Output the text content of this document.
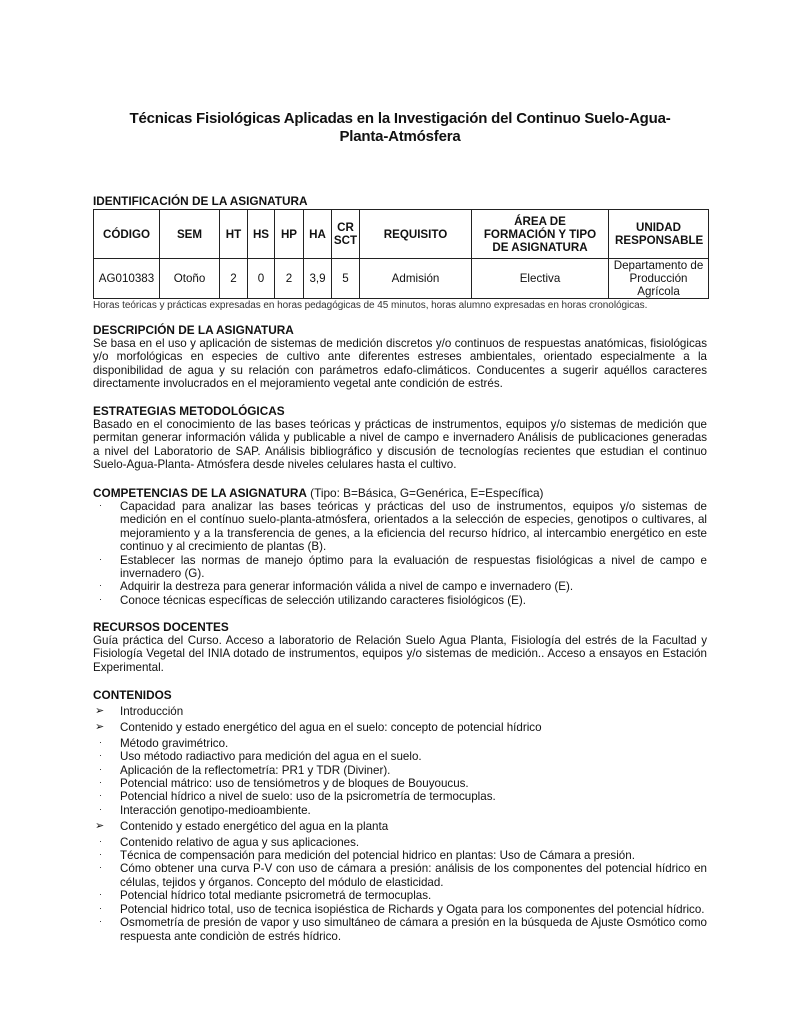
Técnicas Fisiológicas Aplicadas en la Investigación del Continuo Suelo-Agua-
Planta-Atmósfera
IDENTIFICACIÓN DE LA ASIGNATURA
CÓDIGO	SEM	HT	HS	HP	HA	CR SCT	REQUISITO	ÁREA DE FORMACIÓN Y TIPO DE ASIGNATURA	UNIDAD RESPONSABLE
AG010383	Otoño	2	0	2	3,9	5	Admisión	Electiva	Departamento de Producción Agrícola
Horas teóricas y prácticas expresadas en horas pedagógicas de 45 minutos, horas alumno expresadas en horas cronológicas.
DESCRIPCIÓN DE LA ASIGNATURA

Se basa en el uso y aplicación de sistemas de medición discretos y/o continuos de respuestas anatómicas, fisiológicas y/o morfológicas en especies de cultivo ante diferentes estreses ambientales, orientado especialmente a la disponibilidad de agua y su relación con parámetros edafo-climáticos. Conducentes a sugerir aquéllos caracteres directamente involucrados en el mejoramiento vegetal ante condición de estrés.

ESTRATEGIAS METODOLÓGICAS

Basado en el conocimiento de las bases teóricas y prácticas de instrumentos, equipos y/o sistemas de medición que permitan generar información válida y publicable a nivel de campo e invernadero Análisis de publicaciones generadas a nivel del Laboratorio de SAP. Análisis bibliográfico y discusión de tecnologías recientes que estudian el continuo Suelo-Agua-Planta- Atmósfera desde niveles celulares hasta el cultivo.

COMPETENCIAS DE LA ASIGNATURA (Tipo: B=Básica, G=Genérica, E=Específica)
·	Capacidad para analizar las bases teóricas y prácticas del uso de instrumentos, equipos y/o sistemas de medición en el contínuo suelo-planta-atmósfera, orientados a la selección de especies, genotipos o cultivares, al mejoramiento y a la transferencia de genes, a la eficiencia del recurso hídrico, al intercambio energético en este continuo y al crecimiento de plantas (B).
·	Establecer las normas de manejo óptimo para la evaluación de respuestas fisiológicas a nivel de campo e invernadero (G).
·	Adquirir la destreza para generar información válida a nivel de campo e invernadero (E).
·	Conoce técnicas específicas de selección utilizando caracteres fisiológicos (E).
RECURSOS DOCENTES

Guía práctica del Curso. Acceso a laboratorio de Relación Suelo Agua Planta, Fisiología del estrés de la Facultad y Fisiología Vegetal del INIA dotado de instrumentos, equipos y/o sistemas de medición.. Acceso a ensayos en Estación Experimental.

CONTENIDOS
➢ Introducción
➢ Contenido y estado energético del agua en el suelo: concepto de potencial hídrico
·	Método gravimétrico.
·	Uso método radiactivo para medición del agua en el suelo.
·	Aplicación de la reflectometría: PR1 y TDR (Diviner).
·	Potencial mátrico: uso de tensiómetros y de bloques de Bouyoucus.
·	Potencial hídrico a nivel de suelo: uso de la psicrometría de termocuplas.
·	Interacción genotipo-medioambiente.
➢ Contenido y estado energético del agua en la planta
·	Contenido relativo de agua y sus aplicaciones.
·	Técnica de compensación para medición del potencial hidrico en plantas: Uso de Cámara a presión.
·	Cómo obtener una curva P-V con uso de cámara a presión: análisis de los componentes del potencial hídrico en células, tejidos y órganos. Concepto del módulo de elasticidad.
·	Potencial hídrico total mediante psicrometrá de termocuplas.
·	Potencial hidrico total, uso de tecnica isopiéstica de Richards y Ogata para los componentes del potencial hídrico.
·	Osmometría de presión de vapor y uso simultáneo de cámara a presión en la búsqueda de Ajuste Osmótico como respuesta ante condiciòn de estrés hídrico.
